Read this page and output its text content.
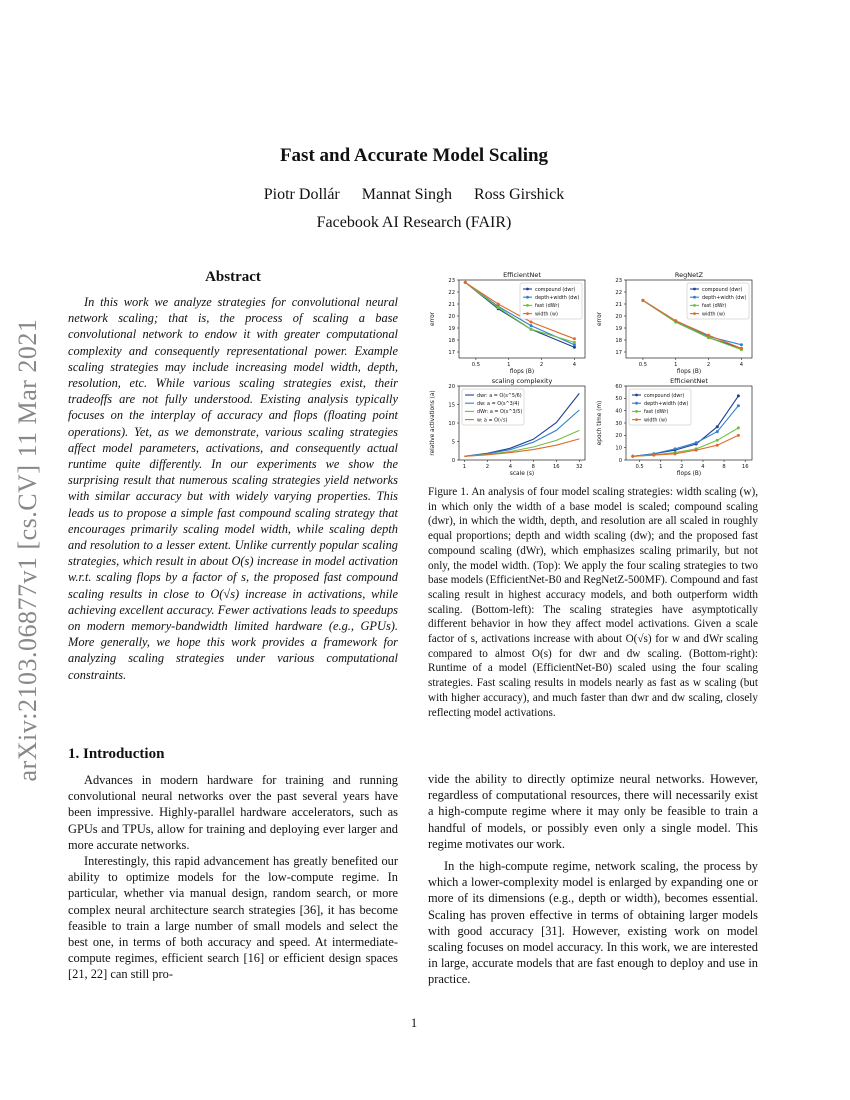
arXiv:2103.06877v1 [cs.CV] 11 Mar 2021
Fast and Accurate Model Scaling
Piotr Dollár Mannat Singh Ross Girshick
Facebook AI Research (FAIR)
Abstract
In this work we analyze strategies for convolutional neural network scaling; that is, the process of scaling a base convolutional network to endow it with greater computational complexity and consequently representational power. Example scaling strategies may include increasing model width, depth, resolution, etc. While various scaling strategies exist, their tradeoffs are not fully understood. Existing analysis typically focuses on the interplay of accuracy and flops (floating point operations). Yet, as we demonstrate, various scaling strategies affect model parameters, activations, and consequently actual runtime quite differently. In our experiments we show the surprising result that numerous scaling strategies yield networks with similar accuracy but with widely varying properties. This leads us to propose a simple fast compound scaling strategy that encourages primarily scaling model width, while scaling depth and resolution to a lesser extent. Unlike currently popular scaling strategies, which result in about O(s) increase in model activation w.r.t. scaling flops by a factor of s, the proposed fast compound scaling results in close to O(√s) increase in activations, while achieving excellent accuracy. Fewer activations leads to speedups on modern memory-bandwidth limited hardware (e.g., GPUs). More generally, we hope this work provides a framework for analyzing scaling strategies under various computational constraints.
1. Introduction

Advances in modern hardware for training and running convolutional neural networks over the past several years have been impressive. Highly-parallel hardware accelerators, such as GPUs and TPUs, allow for training and deploying ever larger and more accurate networks.

Interestingly, this rapid advancement has greatly benefited our ability to optimize models for the low-compute regime. In particular, whether via manual design, random search, or more complex neural architecture search strategies [36], it has become feasible to train a large number of small models and select the best one, in terms of both accuracy and speed. At intermediate-compute regimes, efficient search [16] or efficient design spaces [21, 22] can still pro-

vide the ability to directly optimize neural networks. However, regardless of computational resources, there will necessarily exist a high-compute regime where it may only be feasible to train a handful of models, or possibly even only a single model. This regime motivates our work.

In the high-compute regime, network scaling, the process by which a lower-complexity model is enlarged by expanding one or more of its dimensions (e.g., depth or width), becomes essential. Scaling has proven effective in terms of obtaining larger models with good accuracy [31]. However, existing work on model scaling focuses on model accuracy. In this work, we are interested in large, accurate models that are fast enough to deploy and use in practice.

EfficientNet
0.5	1	2	4
17
18
19
20
21
22
23
flops (B)
error
compound (dwr)
depth+width (dw)
fast (dWr)
width (w)
RegNetZ
0.5	1	2	4
17
18
19
20
21
22
23
flops (B)
error
compound (dwr)
depth+width (dw)
fast (dWr)
width (w)
scaling complexity
1	2	4	8	16	32
0
5
10
15
20
scale (s)
relative activations (a)	dwr: a = O(s^5/6)
dw: a = O(s^3/4)
dWr: a = O(s^3/5)
w: a = O(√s)
EfficientNet
0.5	1	2	4	8	16
0
10
20
30
40
50
60
flops (B)
epoch time (m)
compound (dwr)
depth+width (dw)
fast (dWr)
width (w)
Figure 1. An analysis of four model scaling strategies: width scaling (w), in which only the width of a base model is scaled; compound scaling (dwr), in which the width, depth, and resolution are all scaled in roughly equal proportions; depth and width scaling (dw); and the proposed fast compound scaling (dWr), which emphasizes scaling primarily, but not only, the model width. (Top): We apply the four scaling strategies to two base models (EfficientNet-B0 and RegNetZ-500MF). Compound and fast scaling result in highest accuracy models, and both outperform width scaling. (Bottom-left): The scaling strategies have asymptotically different behavior in how they affect model activations. Given a scale factor of s, activations increase with about O(√s) for w and dWr scaling compared to almost O(s) for dwr and dw scaling. (Bottom-right): Runtime of a model (EfficientNet-B0) scaled using the four scaling strategies. Fast scaling results in models nearly as fast as w scaling (but with higher accuracy), and much faster than dwr and dw scaling, closely reflecting model activations.
1
